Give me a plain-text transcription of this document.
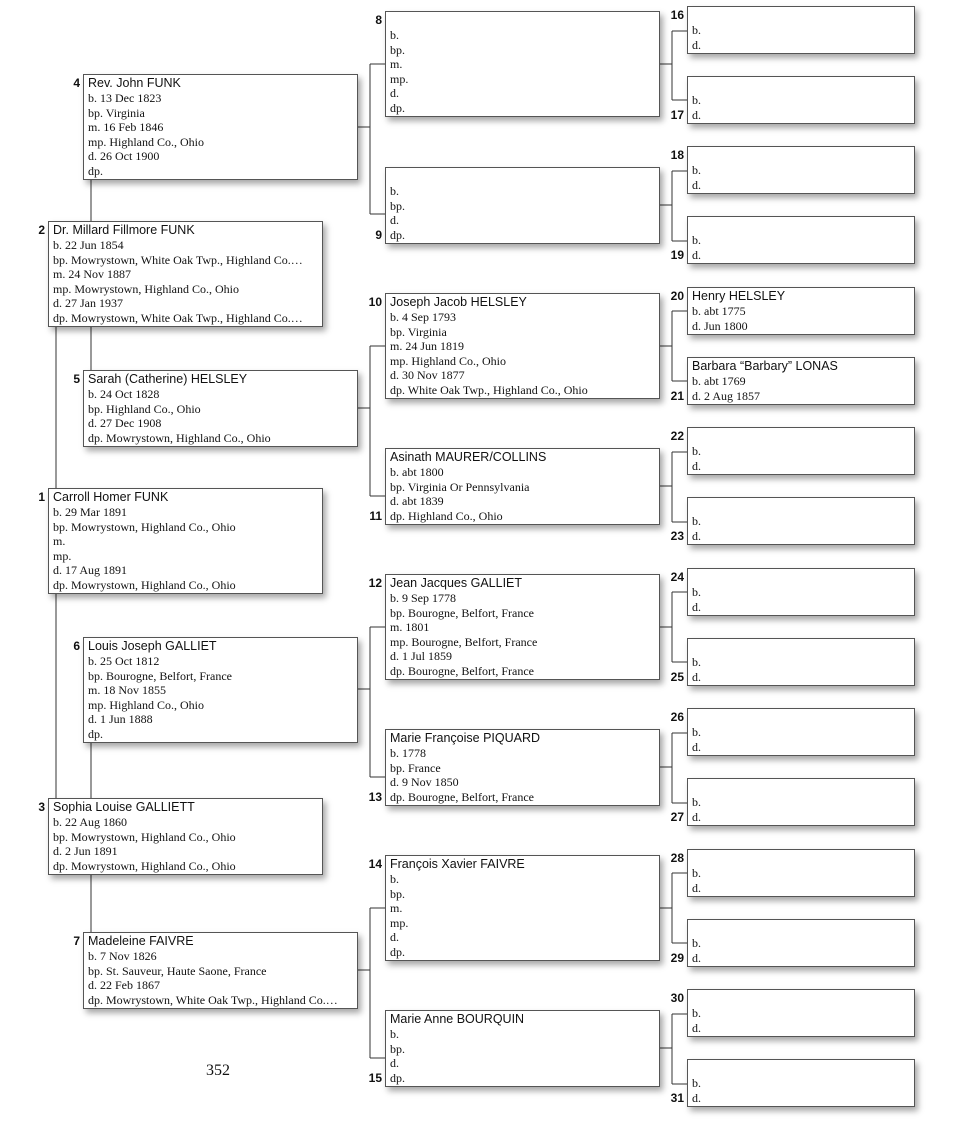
Carroll Homer FUNK
b. 29 Mar 1891
bp. Mowrystown, Highland Co., Ohio
m.
mp.
d. 17 Aug 1891
dp. Mowrystown, Highland Co., Ohio
1
Dr. Millard Fillmore FUNK
b. 22 Jun 1854
bp. Mowrystown, White Oak Twp., Highland Co.…
m. 24 Nov 1887
mp. Mowrystown, Highland Co., Ohio
d. 27 Jan 1937
dp. Mowrystown, White Oak Twp., Highland Co.…
2
Sophia Louise GALLIETT
b. 22 Aug 1860
bp. Mowrystown, Highland Co., Ohio
d. 2 Jun 1891
dp. Mowrystown, Highland Co., Ohio
3
Rev. John FUNK
b. 13 Dec 1823
bp. Virginia
m. 16 Feb 1846
mp. Highland Co., Ohio
d. 26 Oct 1900
dp.
4
Sarah (Catherine) HELSLEY
b. 24 Oct 1828
bp. Highland Co., Ohio
d. 27 Dec 1908
dp. Mowrystown, Highland Co., Ohio
5
Louis Joseph GALLIET
b. 25 Oct 1812
bp. Bourogne, Belfort, France
m. 18 Nov 1855
mp. Highland Co., Ohio
d. 1 Jun 1888
dp.
6
Madeleine FAIVRE
b. 7 Nov 1826
bp. St. Sauveur, Haute Saone, France
d. 22 Feb 1867
dp. Mowrystown, White Oak Twp., Highland Co.…
7

b.
bp.
m.
mp.
d.
dp.
8

b.
bp.
d.
dp.
9
Joseph Jacob HELSLEY
b. 4 Sep 1793
bp. Virginia
m. 24 Jun 1819
mp. Highland Co., Ohio
d. 30 Nov 1877
dp. White Oak Twp., Highland Co., Ohio
10
Asinath MAURER/COLLINS
b. abt 1800
bp. Virginia Or Pennsylvania
d. abt 1839
dp. Highland Co., Ohio
11
Jean Jacques GALLIET
b. 9 Sep 1778
bp. Bourogne, Belfort, France
m. 1801
mp. Bourogne, Belfort, France
d. 1 Jul 1859
dp. Bourogne, Belfort, France
12
Marie Françoise PIQUARD
b. 1778
bp. France
d. 9 Nov 1850
dp. Bourogne, Belfort, France
13
François Xavier FAIVRE
b.
bp.
m.
mp.
d.
dp.
14
Marie Anne BOURQUIN
b.
bp.
d.
dp.
15

b.
d.
16

b.
d.
17

b.
d.
18

b.
d.
19
Henry HELSLEY
b. abt 1775
d. Jun 1800
20
Barbara “Barbary” LONAS
b. abt 1769
d. 2 Aug 1857
21

b.
d.
22

b.
d.
23

b.
d.
24

b.
d.
25

b.
d.
26

b.
d.
27

b.
d.
28

b.
d.
29

b.
d.
30

b.
d.
31
352
